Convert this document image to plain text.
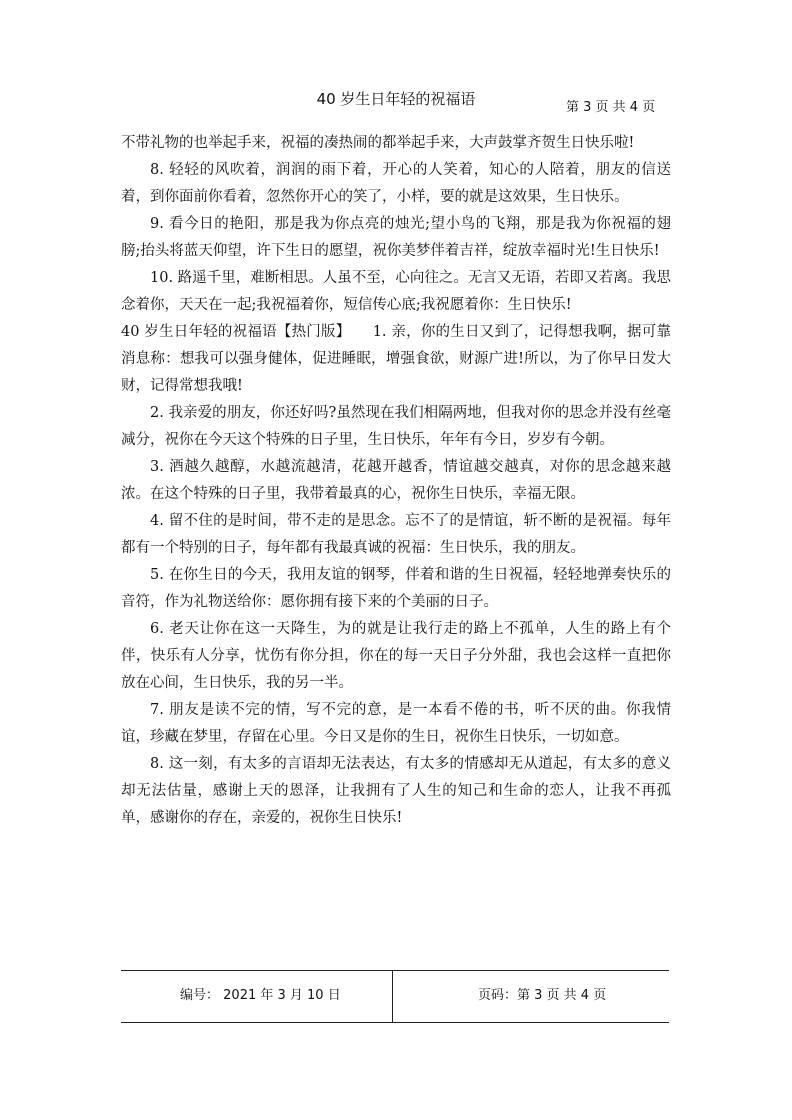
40 岁生日年轻的祝福语	第 3 页 共 4 页

不带礼物的也举起手来，祝福的凑热闹的都举起手来，大声鼓掌齐贺生日快乐啦!

8. 轻轻的风吹着，润润的雨下着，开心的人笑着，知心的人陪着，朋友的信送着，到你面前你看着，忽然你开心的笑了，小样，要的就是这效果，生日快乐。

9. 看今日的艳阳，那是我为你点亮的烛光;望小鸟的飞翔，那是我为你祝福的翅膀;抬头将蓝天仰望，许下生日的愿望，祝你美梦伴着吉祥，绽放幸福时光!生日快乐!

10. 路遥千里，难断相思。人虽不至，心向往之。无言又无语，若即又若离。我思念着你，天天在一起;我祝福着你，短信传心底;我祝愿着你：生日快乐!

40 岁生日年轻的祝福语【热门版】　　1. 亲，你的生日又到了，记得想我啊，据可靠消息称：想我可以强身健体，促进睡眠，增强食欲，财源广进!所以，为了你早日发大财，记得常想我哦!

2. 我亲爱的朋友，你还好吗?虽然现在我们相隔两地，但我对你的思念并没有丝毫减分，祝你在今天这个特殊的日子里，生日快乐，年年有今日，岁岁有今朝。

3. 酒越久越醇，水越流越清，花越开越香，情谊越交越真，对你的思念越来越浓。在这个特殊的日子里，我带着最真的心，祝你生日快乐，幸福无限。

4. 留不住的是时间，带不走的是思念。忘不了的是情谊，斩不断的是祝福。每年都有一个特别的日子，每年都有我最真诚的祝福：生日快乐，我的朋友。

5. 在你生日的今天，我用友谊的钢琴，伴着和谐的生日祝福，轻轻地弹奏快乐的音符，作为礼物送给你：愿你拥有接下来的个美丽的日子。

6. 老天让你在这一天降生，为的就是让我行走的路上不孤单，人生的路上有个伴，快乐有人分享，忧伤有你分担，你在的每一天日子分外甜，我也会这样一直把你放在心间，生日快乐，我的另一半。

7. 朋友是读不完的情，写不完的意，是一本看不倦的书，听不厌的曲。你我情谊，珍藏在梦里，存留在心里。今日又是你的生日，祝你生日快乐，一切如意。

8. 这一刻，有太多的言语却无法表达，有太多的情感却无从道起，有太多的意义却无法估量，感谢上天的恩泽，让我拥有了人生的知己和生命的恋人，让我不再孤单，感谢你的存在，亲爱的，祝你生日快乐!

编号： 2021 年 3 月 10 日	页码：第 3 页 共 4 页
